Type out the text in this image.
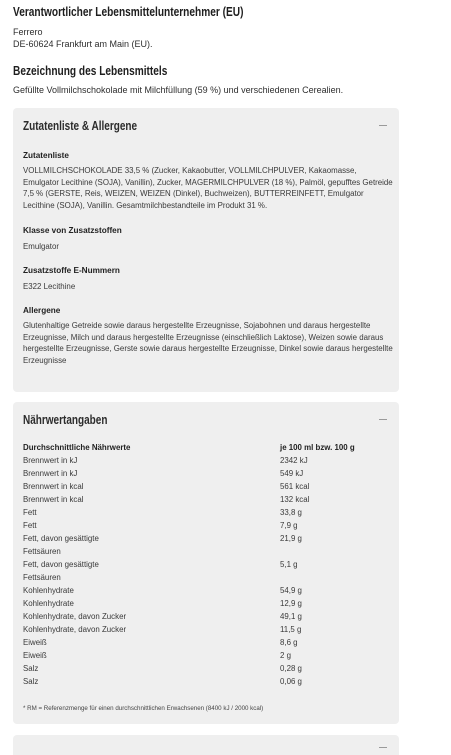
Verantwortlicher Lebensmittelunternehmer (EU)
Ferrero
DE-60624 Frankfurt am Main (EU).
Bezeichnung des Lebensmittels
Gefüllte Vollmilchschokolade mit Milchfüllung (59 %) und verschiedenen Cerealien.
Zutatenliste & Allergene
Zutatenliste
VOLLMILCHSCHOKOLADE 33,5 % (Zucker, Kakaobutter, VOLLMILCHPULVER, Kakaomasse, Emulgator Lecithine (SOJA), Vanillin), Zucker, MAGERMILCHPULVER (18 %), Palmöl, gepufftes Getreide 7,5 % (GERSTE, Reis, WEIZEN, WEIZEN (Dinkel), Buchweizen), BUTTERREINFETT, Emulgator Lecithine (SOJA), Vanillin. Gesamtmilchbestandteile im Produkt 31 %.
Klasse von Zusatzstoffen
Emulgator
Zusatzstoffe E-Nummern
E322 Lecithine
Allergene
Glutenhaltige Getreide sowie daraus hergestellte Erzeugnisse, Sojabohnen und daraus hergestellte Erzeugnisse, Milch und daraus hergestellte Erzeugnisse (einschließlich Laktose), Weizen sowie daraus hergestellte Erzeugnisse, Gerste sowie daraus hergestellte Erzeugnisse, Dinkel sowie daraus hergestellte Erzeugnisse
Nährwertangaben
Durchschnittliche Nährwerte	je 100 ml bzw. 100 g
Brennwert in kJ	2342 kJ
Brennwert in kJ	549 kJ
Brennwert in kcal	561 kcal
Brennwert in kcal	132 kcal
Fett	33,8 g
Fett	7,9 g
Fett, davon gesättigte	21,9 g
Fettsäuren
Fett, davon gesättigte	5,1 g
Fettsäuren
Kohlenhydrate	54,9 g
Kohlenhydrate	12,9 g
Kohlenhydrate, davon Zucker	49,1 g
Kohlenhydrate, davon Zucker	11,5 g
Eiweiß	8,6 g
Eiweiß	2 g
Salz	0,28 g
Salz	0,06 g
* RM = Referenzmenge für einen durchschnittlichen Erwachsenen (8400 kJ / 2000 kcal)
